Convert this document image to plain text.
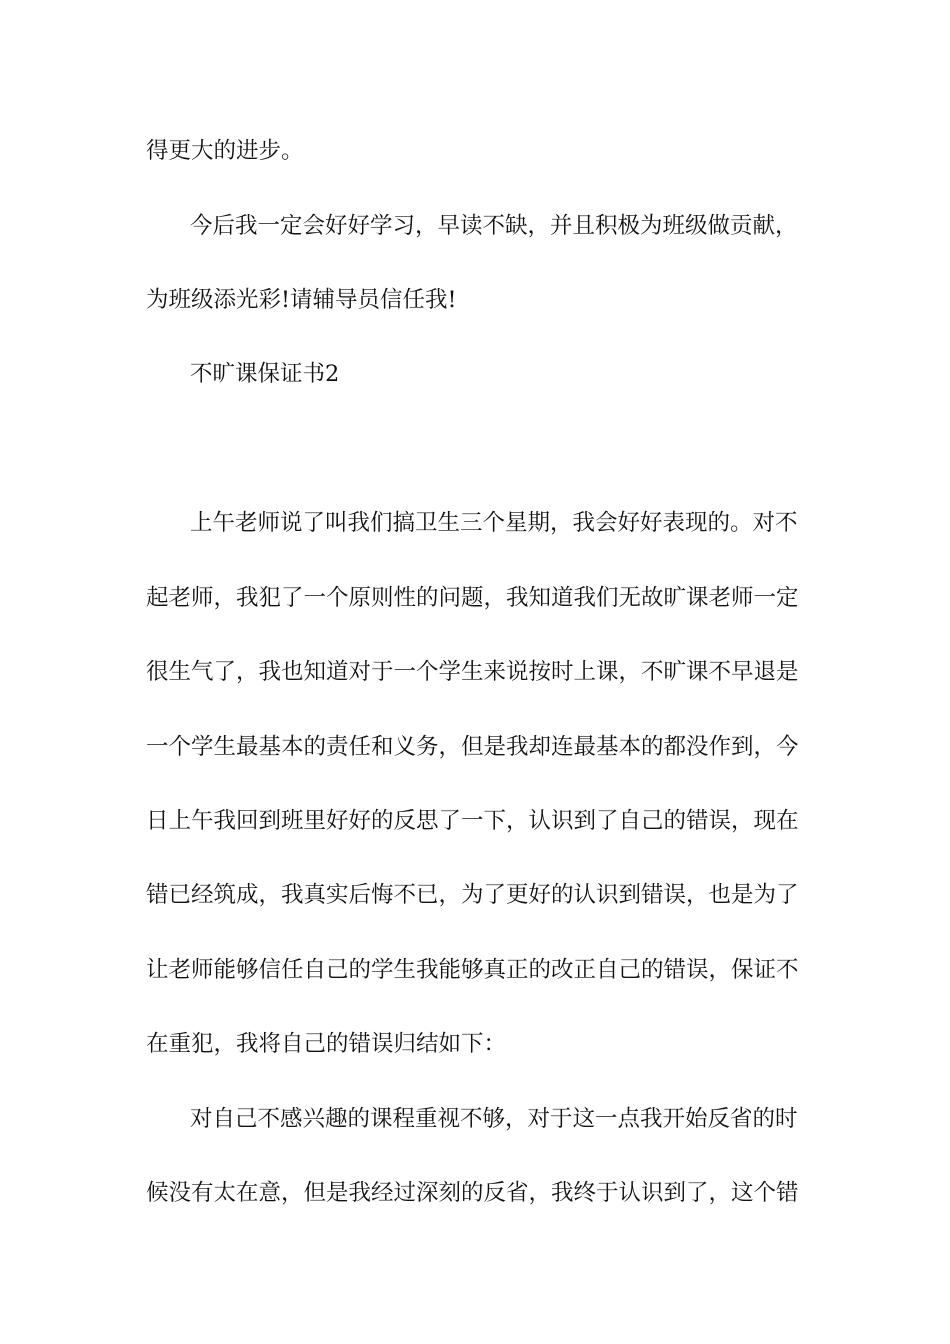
得更大的进步。
今后我一定会好好学习，早读不缺，并且积极为班级做贡献，
为班级添光彩!请辅导员信任我!
不旷课保证书2
上午老师说了叫我们搞卫生三个星期，我会好好表现的。对不
起老师，我犯了一个原则性的问题，我知道我们无故旷课老师一定
很生气了，我也知道对于一个学生来说按时上课，不旷课不早退是
一个学生最基本的责任和义务，但是我却连最基本的都没作到，今
日上午我回到班里好好的反思了一下，认识到了自己的错误，现在
错已经筑成，我真实后悔不已，为了更好的认识到错误，也是为了
让老师能够信任自己的学生我能够真正的改正自己的错误，保证不
在重犯，我将自己的错误归结如下：
对自己不感兴趣的课程重视不够，对于这一点我开始反省的时
候没有太在意，但是我经过深刻的反省，我终于认识到了，这个错
